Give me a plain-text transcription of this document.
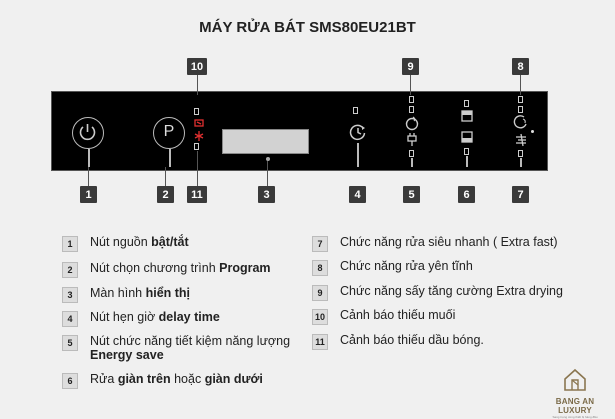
MÁY RỬA BÁT SMS80EU21BT
P
10	9	8
1	2	11	3	4	5	6	7
1	Nút nguồn bật/tắt
2	Nút chọn chương trình Program
3	Màn hình hiển thị
4	Nút hẹn giờ delay time
5	Nút chức năng tiết kiệm năng lượng
Energy save
6	Rửa giàn trên hoặc giàn dưới
7	Chức năng rửa siêu nhanh ( Extra fast)
8	Chức năng rửa yên tĩnh
9	Chức năng sấy tăng cường Extra drying
10 Cảnh báo thiếu muối
11 Cảnh báo thiếu dầu bóng.
BANG AN LUXURY
Sang trọng cùng thiết bị hàng đầu
